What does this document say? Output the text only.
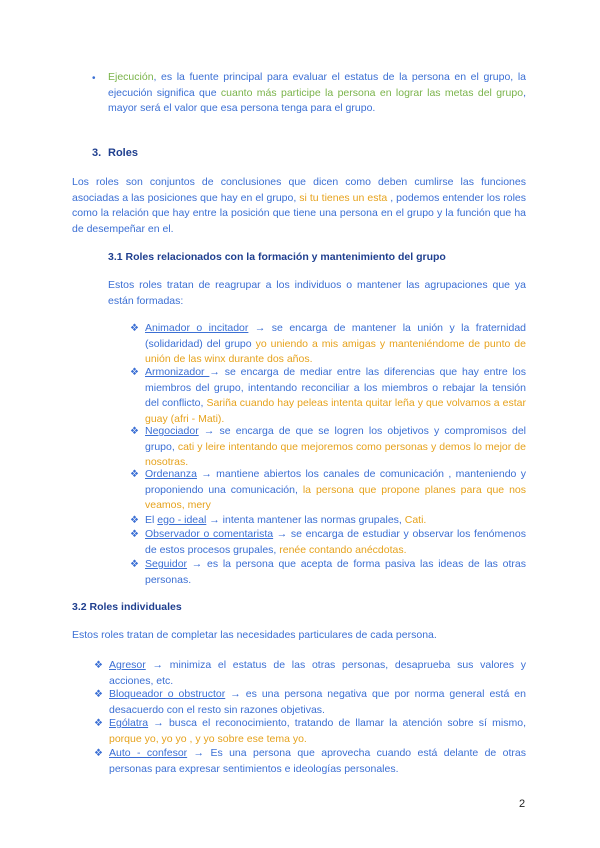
• Ejecución, es la fuente principal para evaluar el estatus de la persona en el grupo, la ejecución significa que cuanto más participe la persona en lograr las metas del grupo, mayor será el valor que esa persona tenga para el grupo.
3. Roles
Los roles son conjuntos de conclusiones que dicen como deben cumlirse las funciones asociadas a las posiciones que hay en el grupo, si tu tienes un esta , podemos entender los roles como la relación que hay entre la posición que tiene una persona en el grupo y la función que ha de desempeñar en el.
3.1 Roles relacionados con la formación y mantenimiento del grupo
Estos roles tratan de reagrupar a los individuos o mantener las agrupaciones que ya están formadas:
❖ Animador o incitador → se encarga de mantener la unión y la fraternidad (solidaridad) del grupo yo uniendo a mis amigas y manteniéndome de punto de unión de las winx durante dos años.
❖ Armonizador → se encarga de mediar entre las diferencias que hay entre los miembros del grupo, intentando reconciliar a los miembros o rebajar la tensión del conflicto, Sariña cuando hay peleas intenta quitar leña y que volvamos a estar guay (afri - Mati).
❖ Negociador → se encarga de que se logren los objetivos y compromisos del grupo, cati y leire intentando que mejoremos como personas y demos lo mejor de nosotras.
❖ Ordenanza → mantiene abiertos los canales de comunicación , manteniendo y proponiendo una comunicación, la persona que propone planes para que nos veamos, mery
❖ El ego - ideal → intenta mantener las normas grupales, Cati.
❖ Observador o comentarista → se encarga de estudiar y observar los fenómenos de estos procesos grupales, renée contando anécdotas.
❖ Seguidor → es la persona que acepta de forma pasiva las ideas de las otras personas.
3.2 Roles individuales
Estos roles tratan de completar las necesidades particulares de cada persona.
❖ Agresor → minimiza el estatus de las otras personas, desaprueba sus valores y acciones, etc.
❖ Bloqueador o obstructor → es una persona negativa que por norma general está en desacuerdo con el resto sin razones objetivas.
❖ Ególatra → busca el reconocimiento, tratando de llamar la atención sobre sí mismo, porque yo, yo yo , y yo sobre ese tema yo.
❖ Auto - confesor → Es una persona que aprovecha cuando está delante de otras personas para expresar sentimientos e ideologías personales.
2
